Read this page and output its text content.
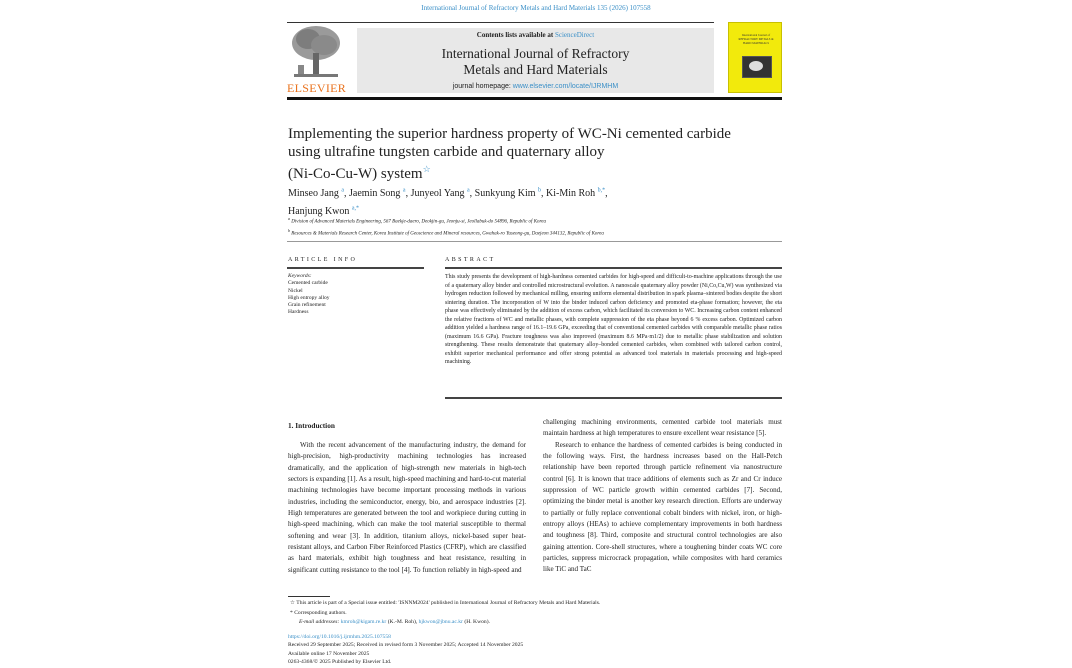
International Journal of Refractory Metals and Hard Materials 135 (2026) 107558
ELSEVIER
Contents lists available at ScienceDirect
International Journal of Refractory
Metals and Hard Materials
journal homepage: www.elsevier.com/locate/IJRMHM
International Journal of REFRACTORY METALS & HARD MATERIALS
Implementing the superior hardness property of WC-Ni cemented carbide
using ultrafine tungsten carbide and quaternary alloy
(Ni-Co-Cu-W) system☆
Minseo Jang $^a$, Jaemin Song $^a$, Junyeol Yang $^a$, Sunkyung Kim $^b$, Ki-Min Roh $^{b,*}$,
Hanjung Kwon $^{a,*}$
$^a$ Division of Advanced Materials Engineering, 567 Baekje-daero, Deokjin-gu, Jeonju-si, Jeollabuk-do 54896, Republic of Korea
$^b$ Resources & Materials Research Center, Korea Institute of Geoscience and Mineral resources, Gwahak-ro Yuseong-gu, Daejeon 344132, Republic of Korea
ARTICLE INFO
Keywords:
Cemented carbide
Nickel
High entropy alloy
Grain refinement
Hardness
ABSTRACT
This study presents the development of high-hardness cemented carbides for high-speed and difficult-to-machine applications through the use of a quaternary alloy binder and controlled microstructural evolution. A nanoscale quaternary alloy powder (Ni,Co,Cu,W) was synthesized via hydrogen reduction followed by mechanical milling, ensuring uniform elemental distribution in spark plasma–sintered bodies despite the short sintering duration. The incorporation of W into the binder induced carbon deficiency and promoted eta-phase formation; however, the eta phase was effectively eliminated by the addition of excess carbon, which facilitated its conversion to WC. Increasing carbon content enhanced the relative fractions of WC and metallic phases, with complete suppression of the eta phase beyond 6 % excess carbon. Optimized carbon addition yielded a hardness range of 16.1–19.6 GPa, exceeding that of conventional cemented carbides with comparable metallic phase ratios (maximum 16.6 GPa). Fracture toughness was also improved (maximum 8.6 MPa·m1/2) due to metallic phase stabilization and solution strengthening. These results demonstrate that quaternary alloy–bonded cemented carbides, when combined with tailored carbon control, exhibit superior mechanical performance and offer strong potential as advanced tool materials in materials processing and high-speed machining.
1. Introduction

With the recent advancement of the manufacturing industry, the demand for high-precision, high-productivity machining technologies has increased dramatically, and the application of high-strength new materials in high-tech sectors is expanding [1]. As a result, high-speed machining and hard-to-cut material machining technologies have become important processing methods in various industries, including the semiconductor, energy, bio, and aerospace industries [2]. High temperatures are generated between the tool and workpiece during cutting in high-speed machining, which can make the tool material susceptible to thermal softening and wear [3]. In addition, titanium alloys, nickel-based super heat-resistant alloys, and Carbon Fiber Reinforced Plastics (CFRP), which are classified as hard materials, exhibit high toughness and heat resistance, resulting in significant cutting resistance to the tool [4]. To function reliably in high-speed and

challenging machining environments, cemented carbide tool materials must maintain hardness at high temperatures to ensure excellent wear resistance [5].

Research to enhance the hardness of cemented carbides is being conducted in the following ways. First, the hardness increases based on the Hall-Petch relationship have been reported through particle refinement via nanostructure control [6]. It is known that trace additions of elements such as Zr and Cr induce suppression of WC particle growth within cemented carbides [7]. Second, optimizing the binder metal is another key research direction. Efforts are underway to partially or fully replace conventional cobalt binders with nickel, iron, or high-entropy alloys (HEAs) to achieve complementary improvements in both hardness and toughness [8]. Third, composite and structural control technologies are also gaining attention. Core-shell structures, where a toughening binder coats WC core particles, suppress microcrack propagation, while composites with hard ceramics like TiC and TaC

☆ This article is part of a Special issue entitled: 'ISNNM2024' published in International Journal of Refractory Metals and Hard Materials.
* Corresponding authors.
E-mail addresses: kmroh@kigam.re.kr (K.-M. Roh), hjkwon@jbnu.ac.kr (H. Kwon).
https://doi.org/10.1016/j.ijrmhm.2025.107558
Received 29 September 2025; Received in revised form 3 November 2025; Accepted 14 November 2025
Available online 17 November 2025
0263-4368/© 2025 Published by Elsevier Ltd.
